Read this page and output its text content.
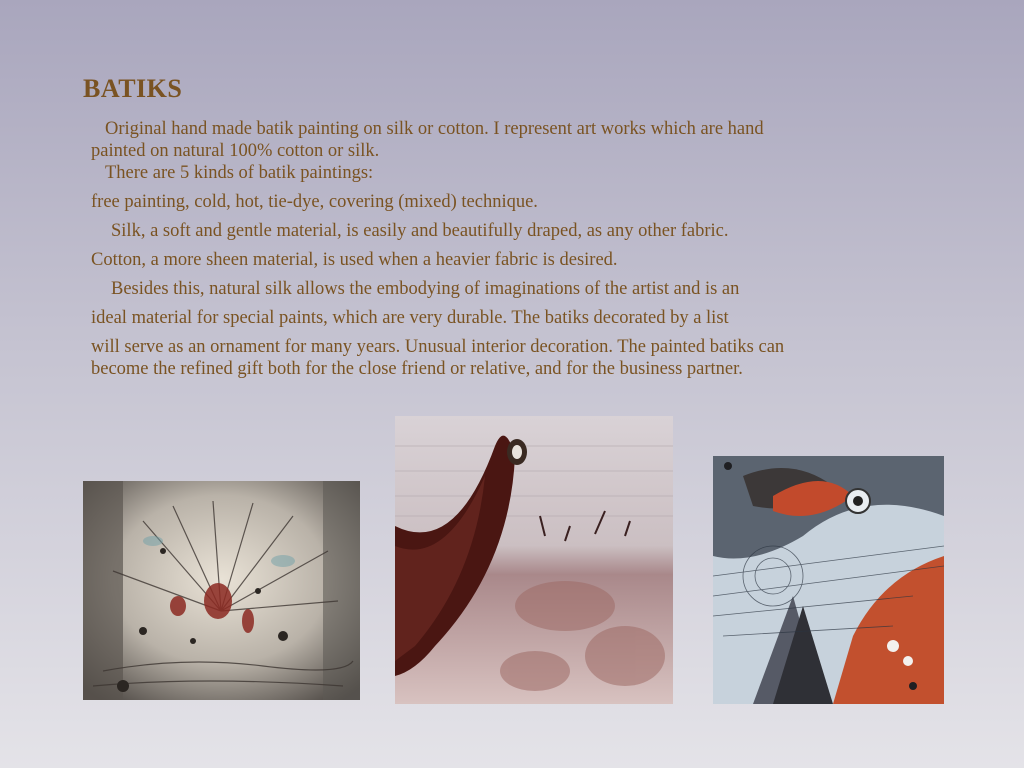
BATIKS
Original hand made batik painting on silk or cotton. I represent art works which are hand
painted on natural 100% cotton or silk.
There are 5 kinds of batik paintings:
free painting, cold, hot, tie-dye, covering (mixed) technique.
Silk, a soft and gentle material, is easily and beautifully draped, as any other fabric.
Cotton, a more sheen material, is used when a heavier fabric is desired.
Besides this, natural silk allows the embodying of imaginations of the artist and is an
ideal material for special paints, which are very durable. The batiks decorated by a list
will serve as an ornament for many years. Unusual interior decoration. The painted batiks can
become the refined gift both for the close friend or relative, and for the business partner.
